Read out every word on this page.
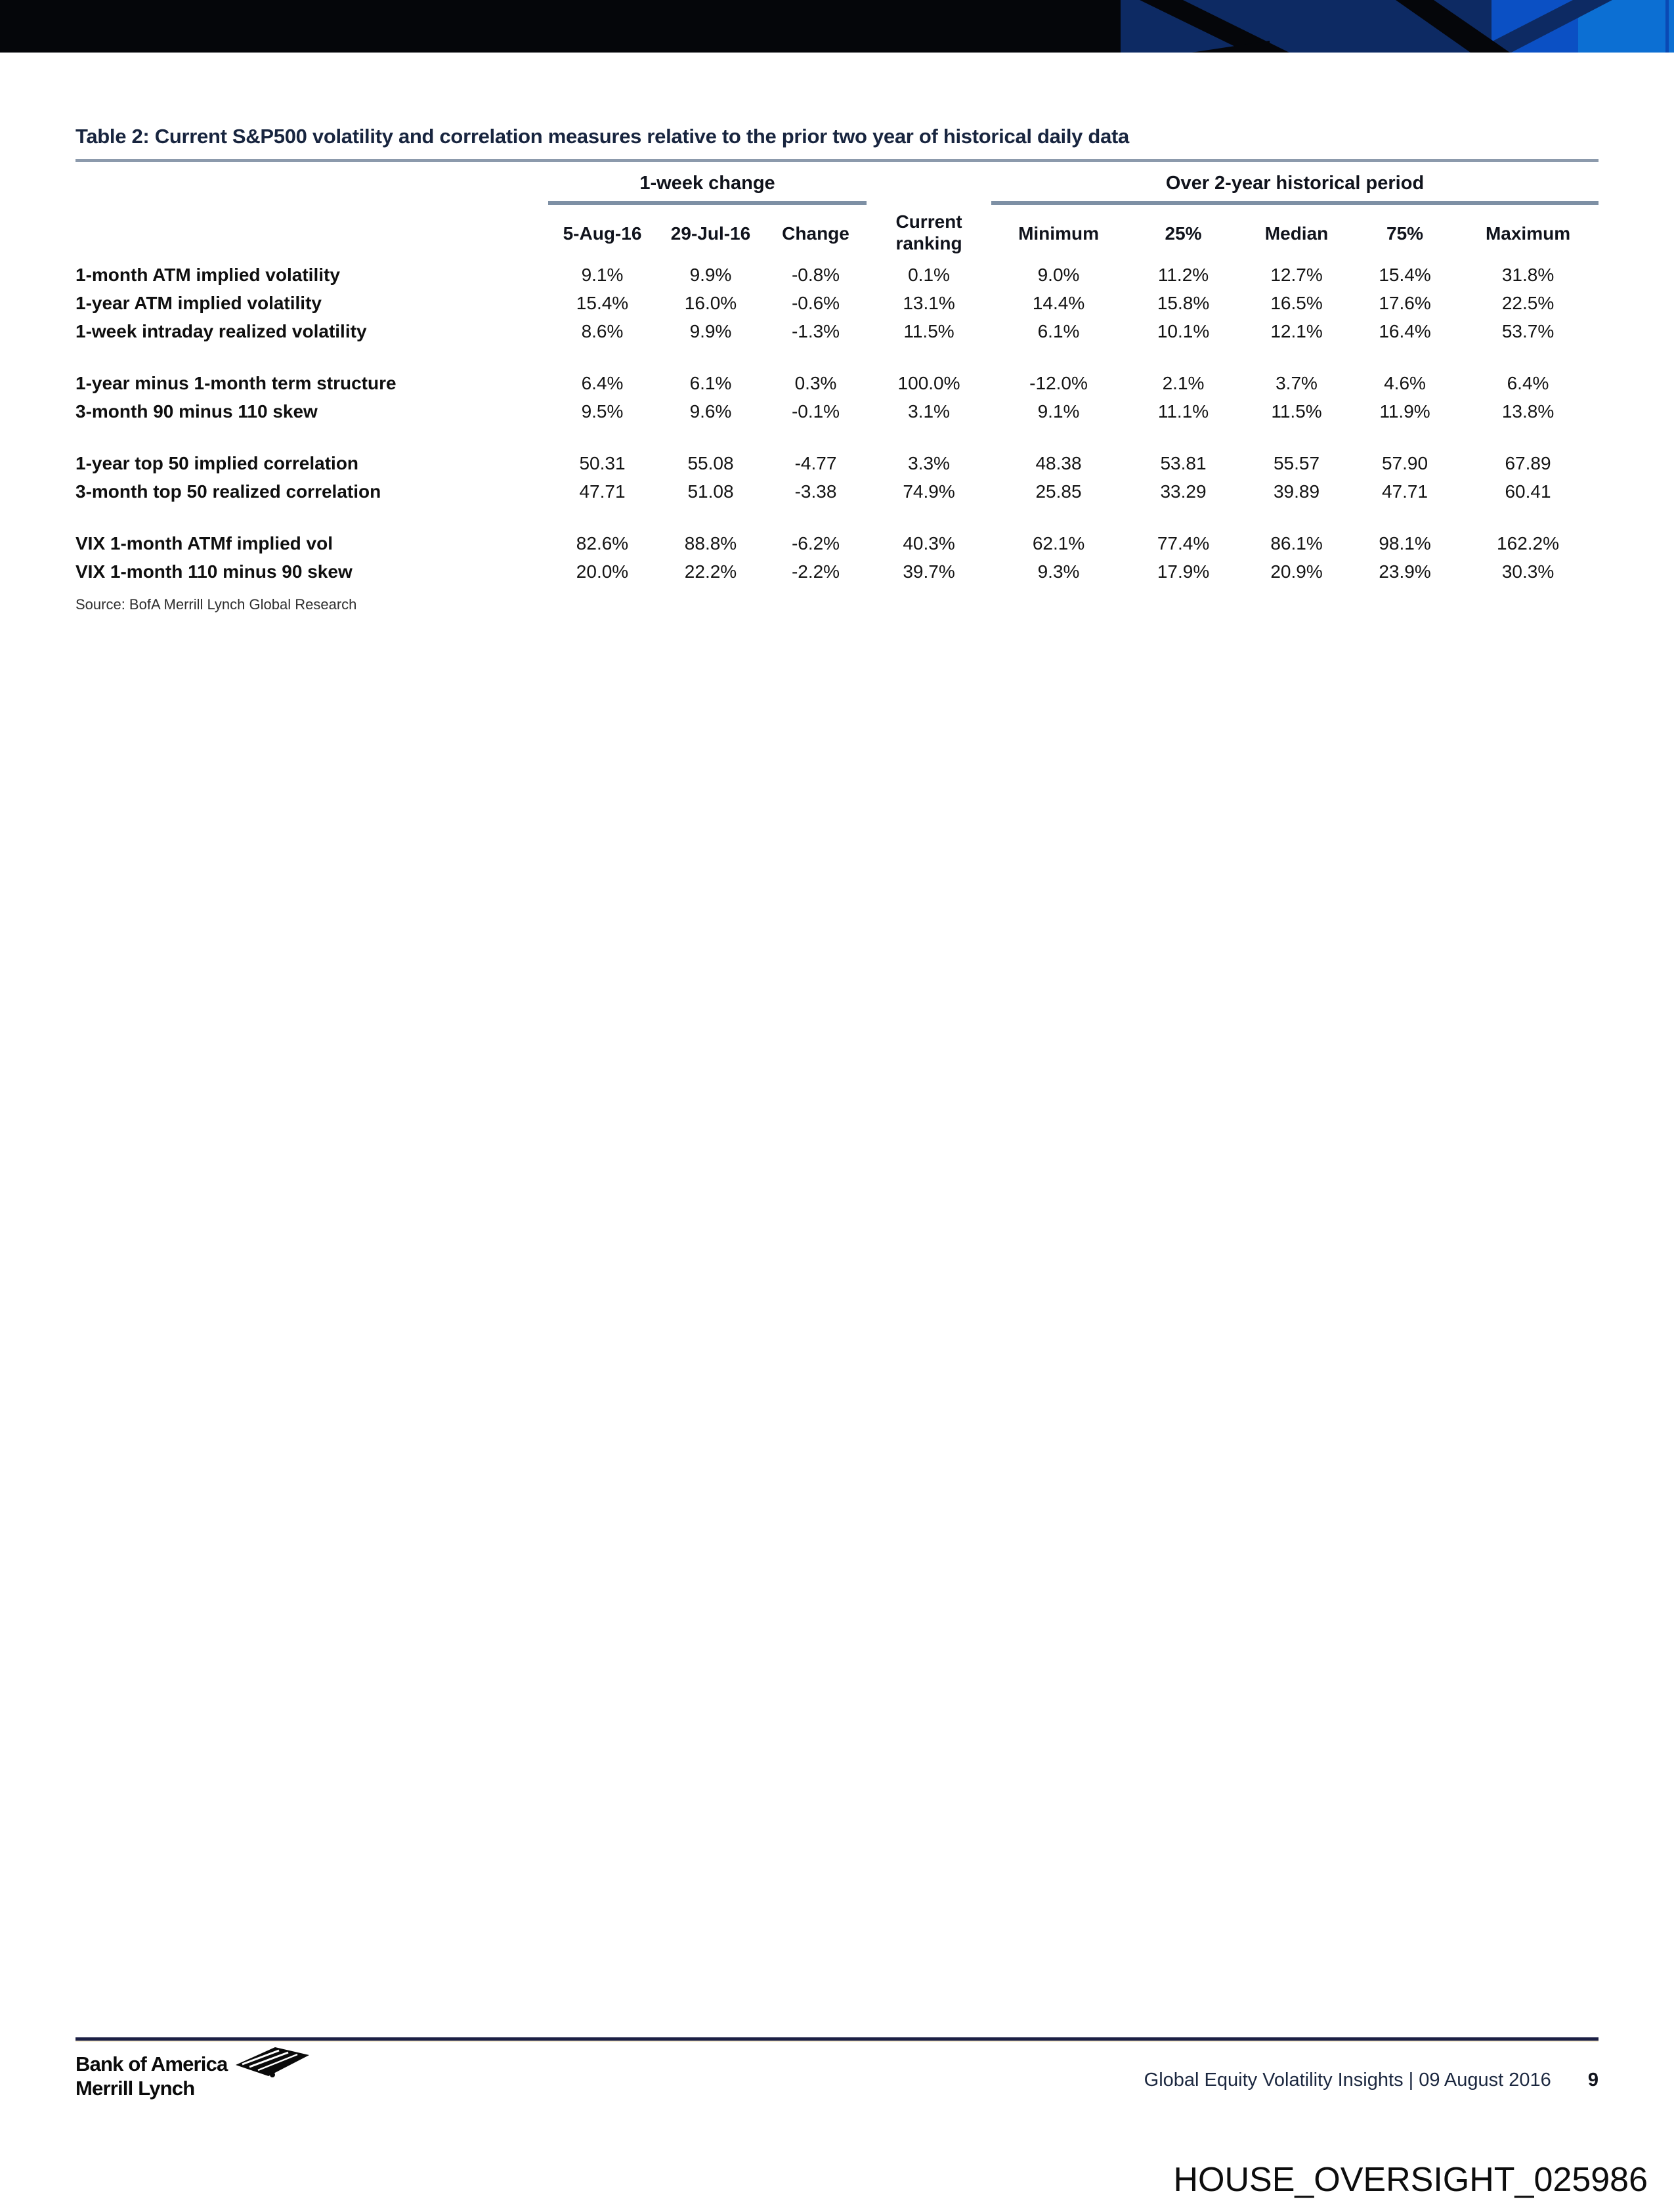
Table 2: Current S&P500 volatility and correlation measures relative to the prior two year of historical daily data
	1-week change				Over 2-year historical period				
	5-Aug-16	29-Jul-16	Change	Current ranking	Minimum	25%	Median	75%	Maximum
1-month ATM implied volatility	9.1%	9.9%	-0.8%	0.1%	9.0%	11.2%	12.7%	15.4%	31.8%
1-year ATM implied volatility	15.4%	16.0%	-0.6%	13.1%	14.4%	15.8%	16.5%	17.6%	22.5%
1-week intraday realized volatility	8.6%	9.9%	-1.3%	11.5%	6.1%	10.1%	12.1%	16.4%	53.7%

1-year minus 1-month term structure	6.4%	6.1%	0.3%	100.0%	-12.0%	2.1%	3.7%	4.6%	6.4%
3-month 90 minus 110 skew	9.5%	9.6%	-0.1%	3.1%	9.1%	11.1%	11.5%	11.9%	13.8%

1-year top 50 implied correlation	50.31	55.08	-4.77	3.3%	48.38	53.81	55.57	57.90	67.89
3-month top 50 realized correlation	47.71	51.08	-3.38	74.9%	25.85	33.29	39.89	47.71	60.41

VIX 1-month ATMf implied vol	82.6%	88.8%	-6.2%	40.3%	62.1%	77.4%	86.1%	98.1%	162.2%
VIX 1-month 110 minus 90 skew	20.0%	22.2%	-2.2%	39.7%	9.3%	17.9%	20.9%	23.9%	30.3%
Source: BofA Merrill Lynch Global Research
Bank of America
Merrill Lynch	Global Equity Volatility Insights | 09 August 2016 9
HOUSE_OVERSIGHT_025986
